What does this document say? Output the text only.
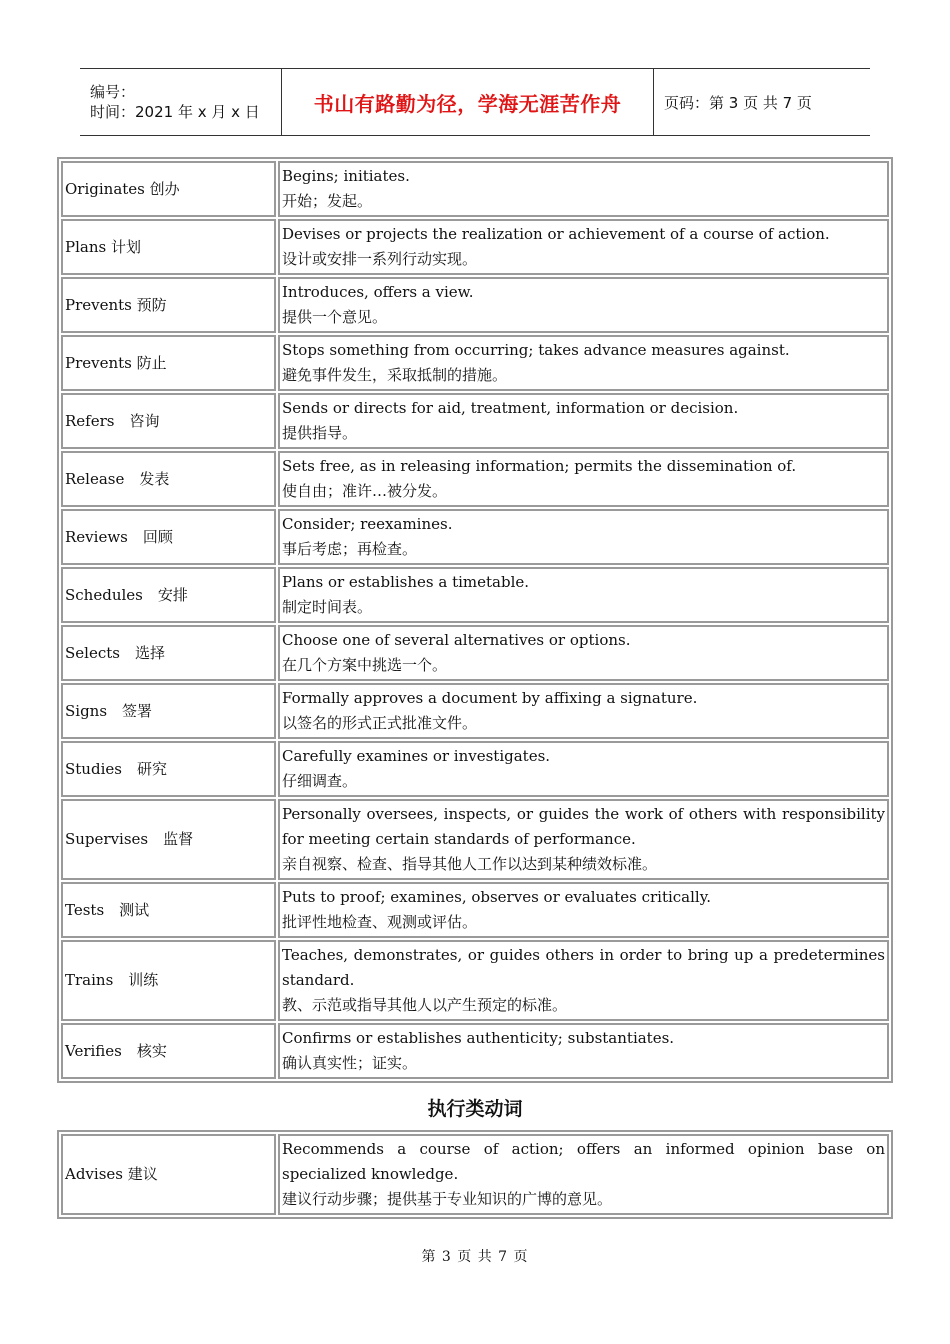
编号：
时间：2021 年 x 月 x 日	书山有路勤为径，学海无涯苦作舟	页码：第 3 页 共 7 页
Originates 创办	Begins; initiates.
开始；发起。

Plans 计划	Devises or projects the realization or achievement of a course of action.
设计或安排一系列行动实现。

Prevents 预防	Introduces, offers a view.
提供一个意见。

Prevents 防止	Stops something from occurring; takes advance measures against.
避免事件发生，采取抵制的措施。

Refers　咨询	Sends or directs for aid, treatment, information or decision.
提供指导。

Release　发表	Sets free, as in releasing information; permits the dissemination of.
使自由；准许…被分发。

Reviews　回顾	Consider; reexamines.
事后考虑；再检查。

Schedules　安排	Plans or establishes a timetable.
制定时间表。

Selects　选择	Choose one of several alternatives or options.
在几个方案中挑选一个。

Signs　签署	Formally approves a document by affixing a signature.
以签名的形式正式批准文件。

Studies　研究	Carefully examines or investigates.
仔细调查。

Supervises　监督	Personally oversees, inspects, or guides the work of others with responsibility for meeting certain standards of performance.
亲自视察、检查、指导其他人工作以达到某种绩效标准。

Tests　测试	Puts to proof; examines, observes or evaluates critically.
批评性地检查、观测或评估。

Trains　训练	Teaches, demonstrates, or guides others in order to bring up a predetermines standard.
教、示范或指导其他人以产生预定的标准。

Verifies　核实	Confirms or establishes authenticity; substantiates.
确认真实性；证实。
执行类动词
Advises 建议	
Recommends a course of action; offers an informed opinion base on specialized knowledge.
建议行动步骤；提供基于专业知识的广博的意见。
第 3 页 共 7 页
